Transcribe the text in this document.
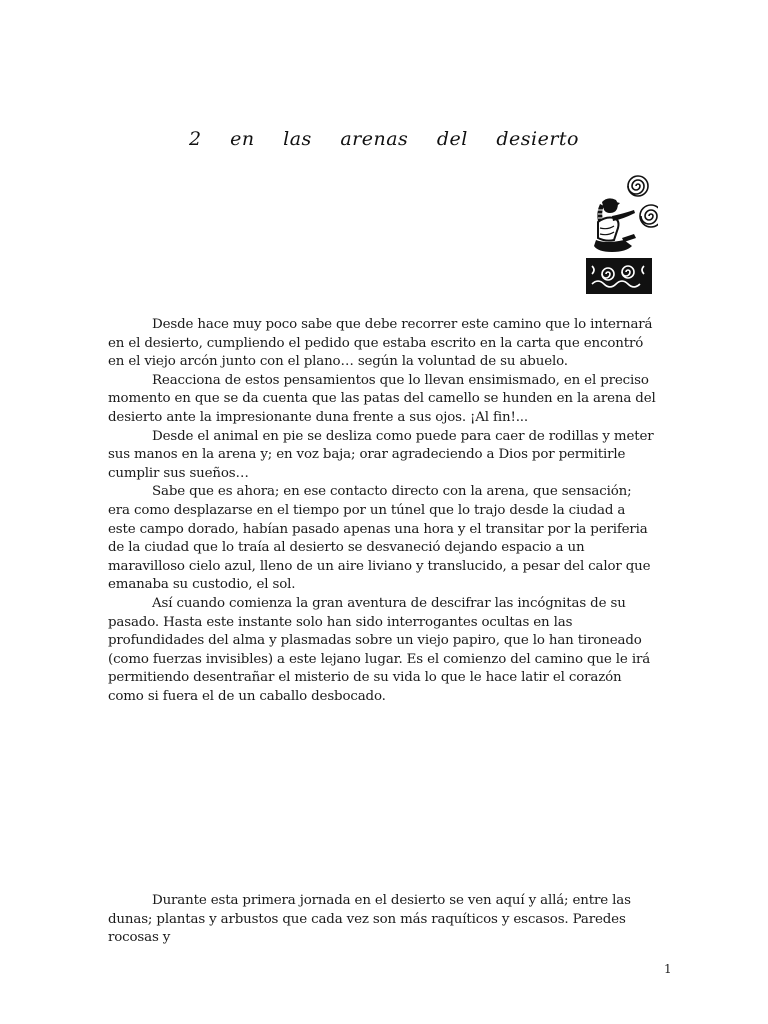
2 en las arenas del desierto

Desde hace muy poco sabe que debe recorrer este camino que lo internará en el desierto, cumpliendo el pedido que estaba escrito en la carta que encontró en el viejo arcón junto con el plano… según la voluntad de su abuelo.

Reacciona de estos pensamientos que lo llevan ensimismado, en el preciso momento en que se da cuenta que las patas del camello se hunden en la arena del desierto ante la impresionante duna frente a sus ojos. ¡Al fin!...

Desde el animal en pie se desliza como puede para caer de rodillas y meter sus manos en la arena y; en voz baja; orar agradeciendo a Dios por permitirle cumplir sus sueños…

Sabe que es ahora; en ese contacto directo con la arena, que sensación; era como desplazarse en el tiempo por un túnel que lo trajo desde la ciudad a este campo dorado, habían pasado apenas una hora y el transitar por la periferia de la ciudad que lo traía al desierto se desvaneció dejando espacio a un maravilloso cielo azul, lleno de un aire liviano y translucido, a pesar del calor que emanaba su custodio, el sol.

Así cuando comienza la gran aventura de descifrar las incógnitas de su pasado. Hasta este instante solo han sido interrogantes ocultas en las profundidades del alma y plasmadas sobre un viejo papiro, que lo han tironeado (como fuerzas invisibles) a este lejano lugar. Es el comienzo del camino que le irá permitiendo desentrañar el misterio de su vida lo que le hace latir el corazón como si fuera el de un caballo desbocado.

Durante esta primera jornada en el desierto se ven aquí y allá; entre las dunas; plantas y arbustos que cada vez son más raquíticos y escasos. Paredes rocosas y

1
